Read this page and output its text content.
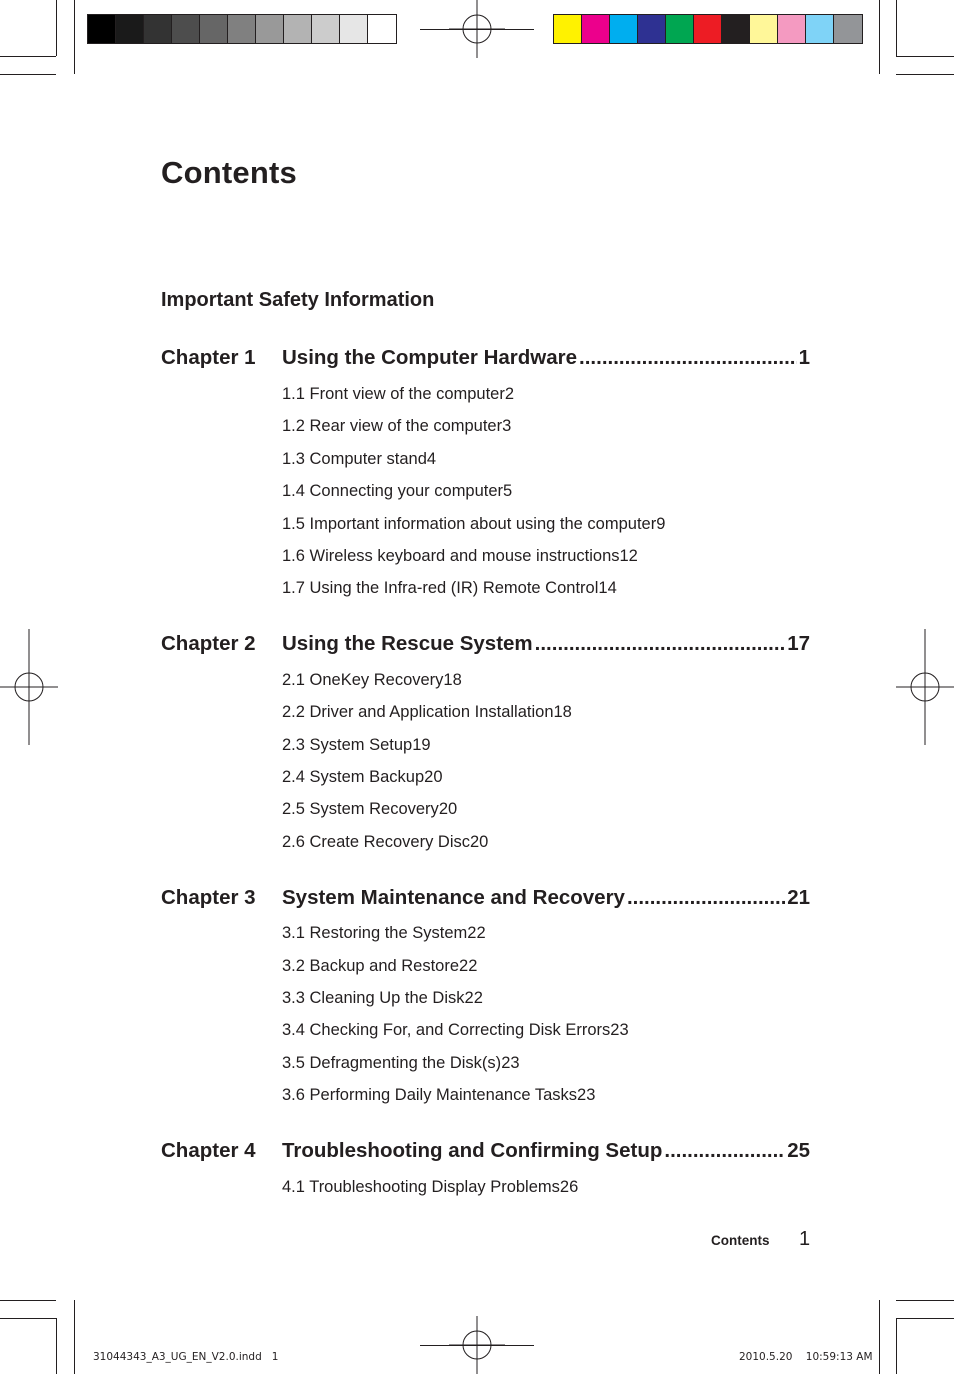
Contents
Important Safety Information
Chapter 1 Using the Computer Hardware .....	1
1.1 Front view of the computer 2
1.2 Rear view of the computer 3
1.3 Computer stand 4
1.4 Connecting your computer 5
1.5 Important information about using the computer 9
1.6 Wireless keyboard and mouse instructions 12
1.7 Using the Infra-red (IR) Remote Control 14
Chapter 2 Using the Rescue System .....	17
2.1 OneKey Recovery 18
2.2 Driver and Application Installation 18
2.3 System Setup 19
2.4 System Backup 20
2.5 System Recovery 20
2.6 Create Recovery Disc 20
Chapter 3 System Maintenance and Recovery .....	21
3.1 Restoring the System 22
3.2 Backup and Restore 22
3.3 Cleaning Up the Disk 22
3.4 Checking For, and Correcting Disk Errors 23
3.5 Defragmenting the Disk(s) 23
3.6 Performing Daily Maintenance Tasks 23
Chapter 4 Troubleshooting and Confirming Setup .....	25
4.1 Troubleshooting Display Problems 26
Contents 1
31044343_A3_UG_EN_V2.0.indd   1	2010.5.20    10:59:13 AM
